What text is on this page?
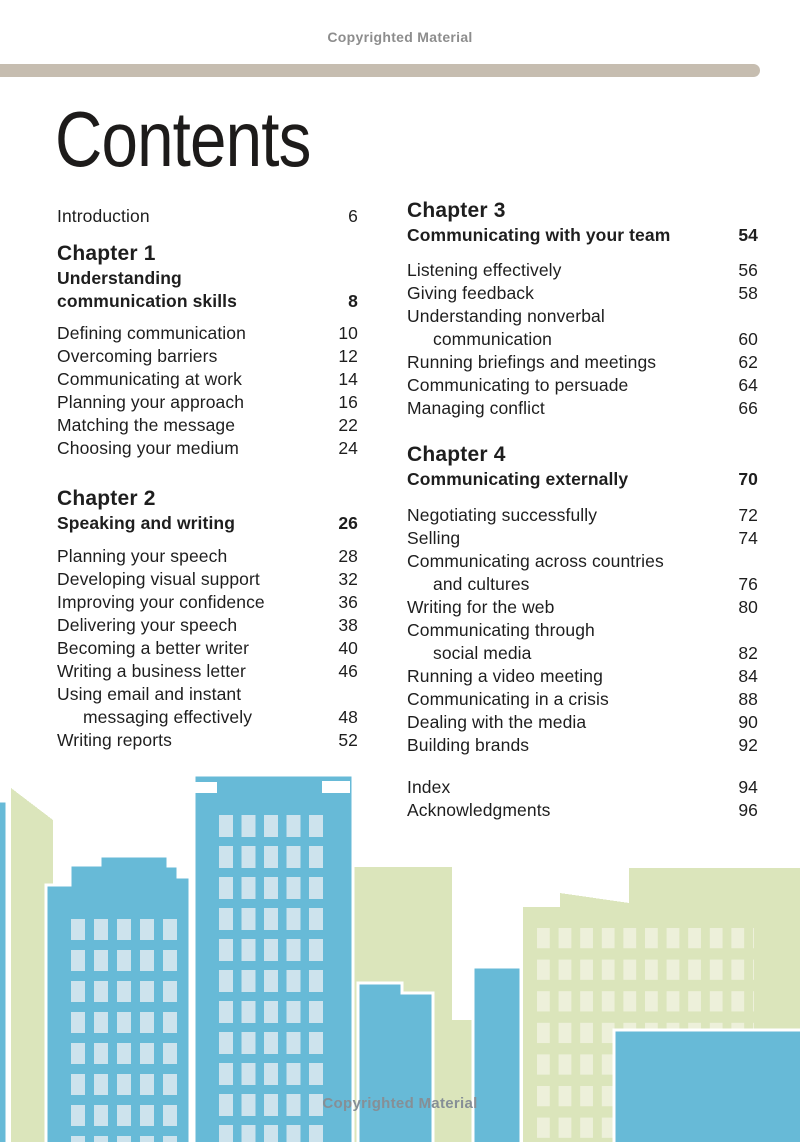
Copyrighted Material
Contents
Introduction	6
Chapter 1
Understanding
communication skills	8
Defining communication	10
Overcoming barriers	12
Communicating at work	14
Planning your approach	16
Matching the message	22
Choosing your medium	24
Chapter 2
Speaking and writing	26
Planning your speech	28
Developing visual support	32
Improving your confidence	36
Delivering your speech	38
Becoming a better writer	40
Writing a business letter	46
Using email and instant
messaging effectively	48
Writing reports	52
Chapter 3
Communicating with your team	54
Listening effectively	56
Giving feedback	58
Understanding nonverbal
communication	60
Running briefings and meetings	62
Communicating to persuade	64
Managing conflict	66
Chapter 4
Communicating externally	70
Negotiating successfully	72
Selling	74
Communicating across countries
and cultures	76
Writing for the web	80
Communicating through
social media	82
Running a video meeting	84
Communicating in a crisis	88
Dealing with the media	90
Building brands	92
Index	94
Acknowledgments	96
Copyrighted Material
